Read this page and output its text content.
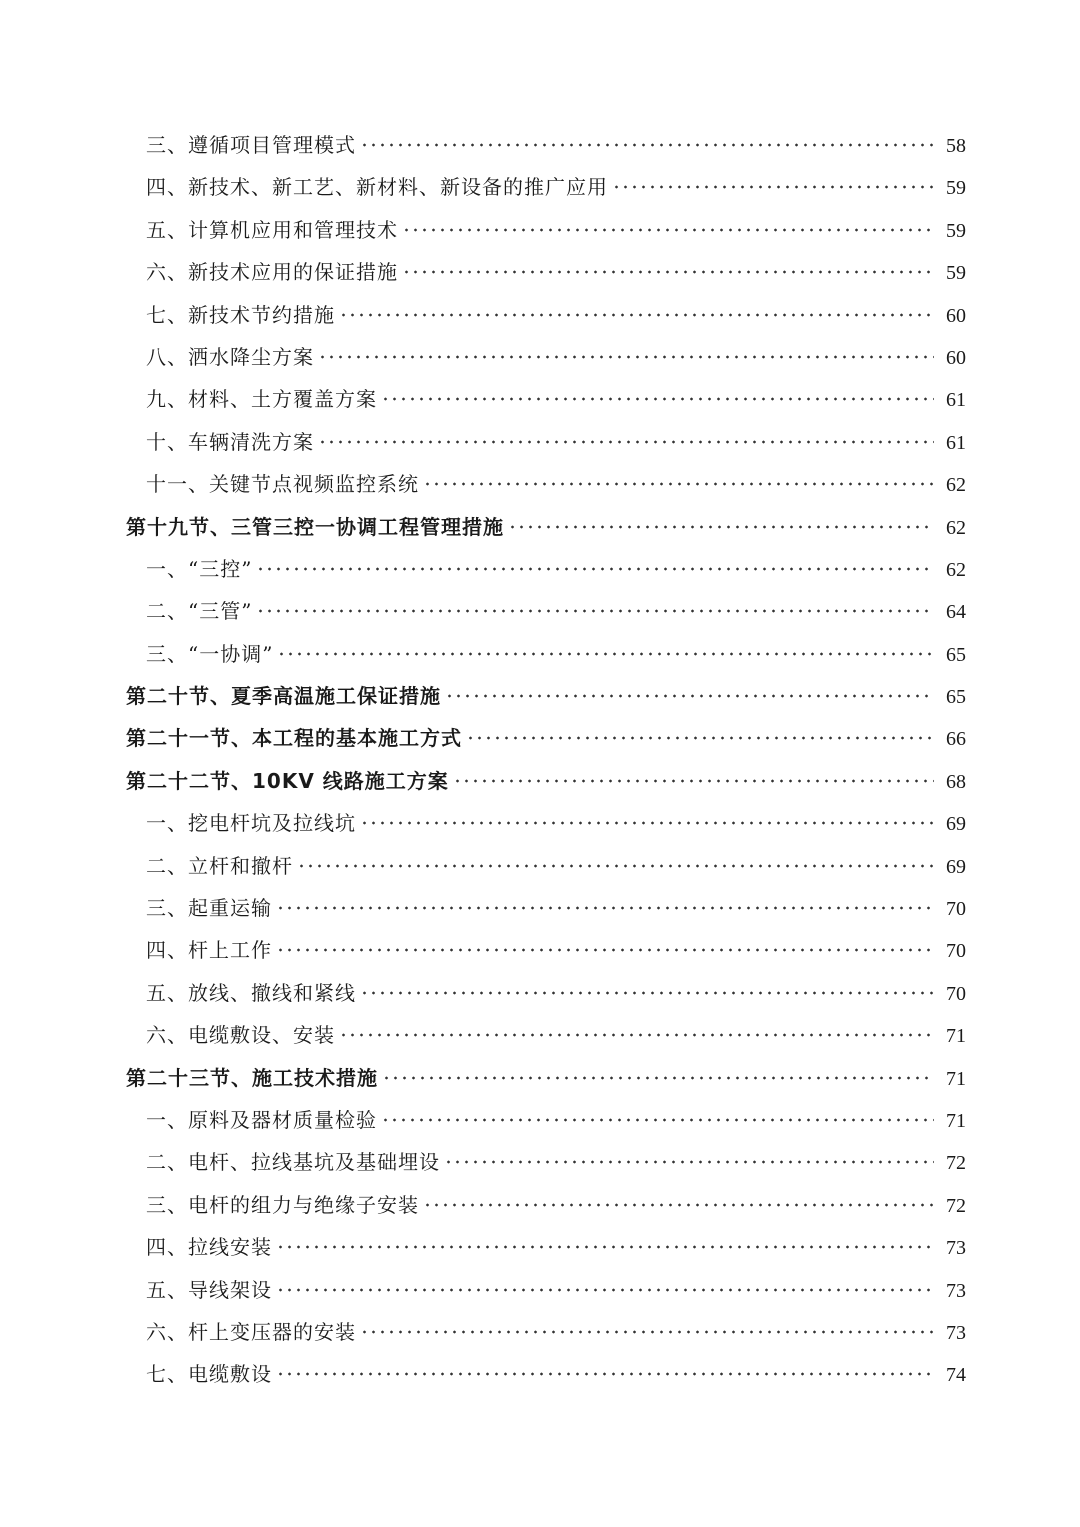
三、遵循项目管理模式	58
四、新技术、新工艺、新材料、新设备的推广应用	59
五、计算机应用和管理技术	59
六、新技术应用的保证措施	59
七、新技术节约措施	60
八、洒水降尘方案	60
九、材料、土方覆盖方案	61
十、车辆清洗方案	61
十一、关键节点视频监控系统	62
第十九节、三管三控一协调工程管理措施	62
一、“三控”	62
二、“三管”	64
三、“一协调”	65
第二十节、夏季高温施工保证措施	65
第二十一节、本工程的基本施工方式	66
第二十二节、10KV 线路施工方案	68
一、挖电杆坑及拉线坑	69
二、立杆和撤杆	69
三、起重运输	70
四、杆上工作	70
五、放线、撤线和紧线	70
六、电缆敷设、安装	71
第二十三节、施工技术措施	71
一、原料及器材质量检验	71
二、电杆、拉线基坑及基础埋设	72
三、电杆的组力与绝缘子安装	72
四、拉线安装	73
五、导线架设	73
六、杆上变压器的安装	73
七、电缆敷设	74
